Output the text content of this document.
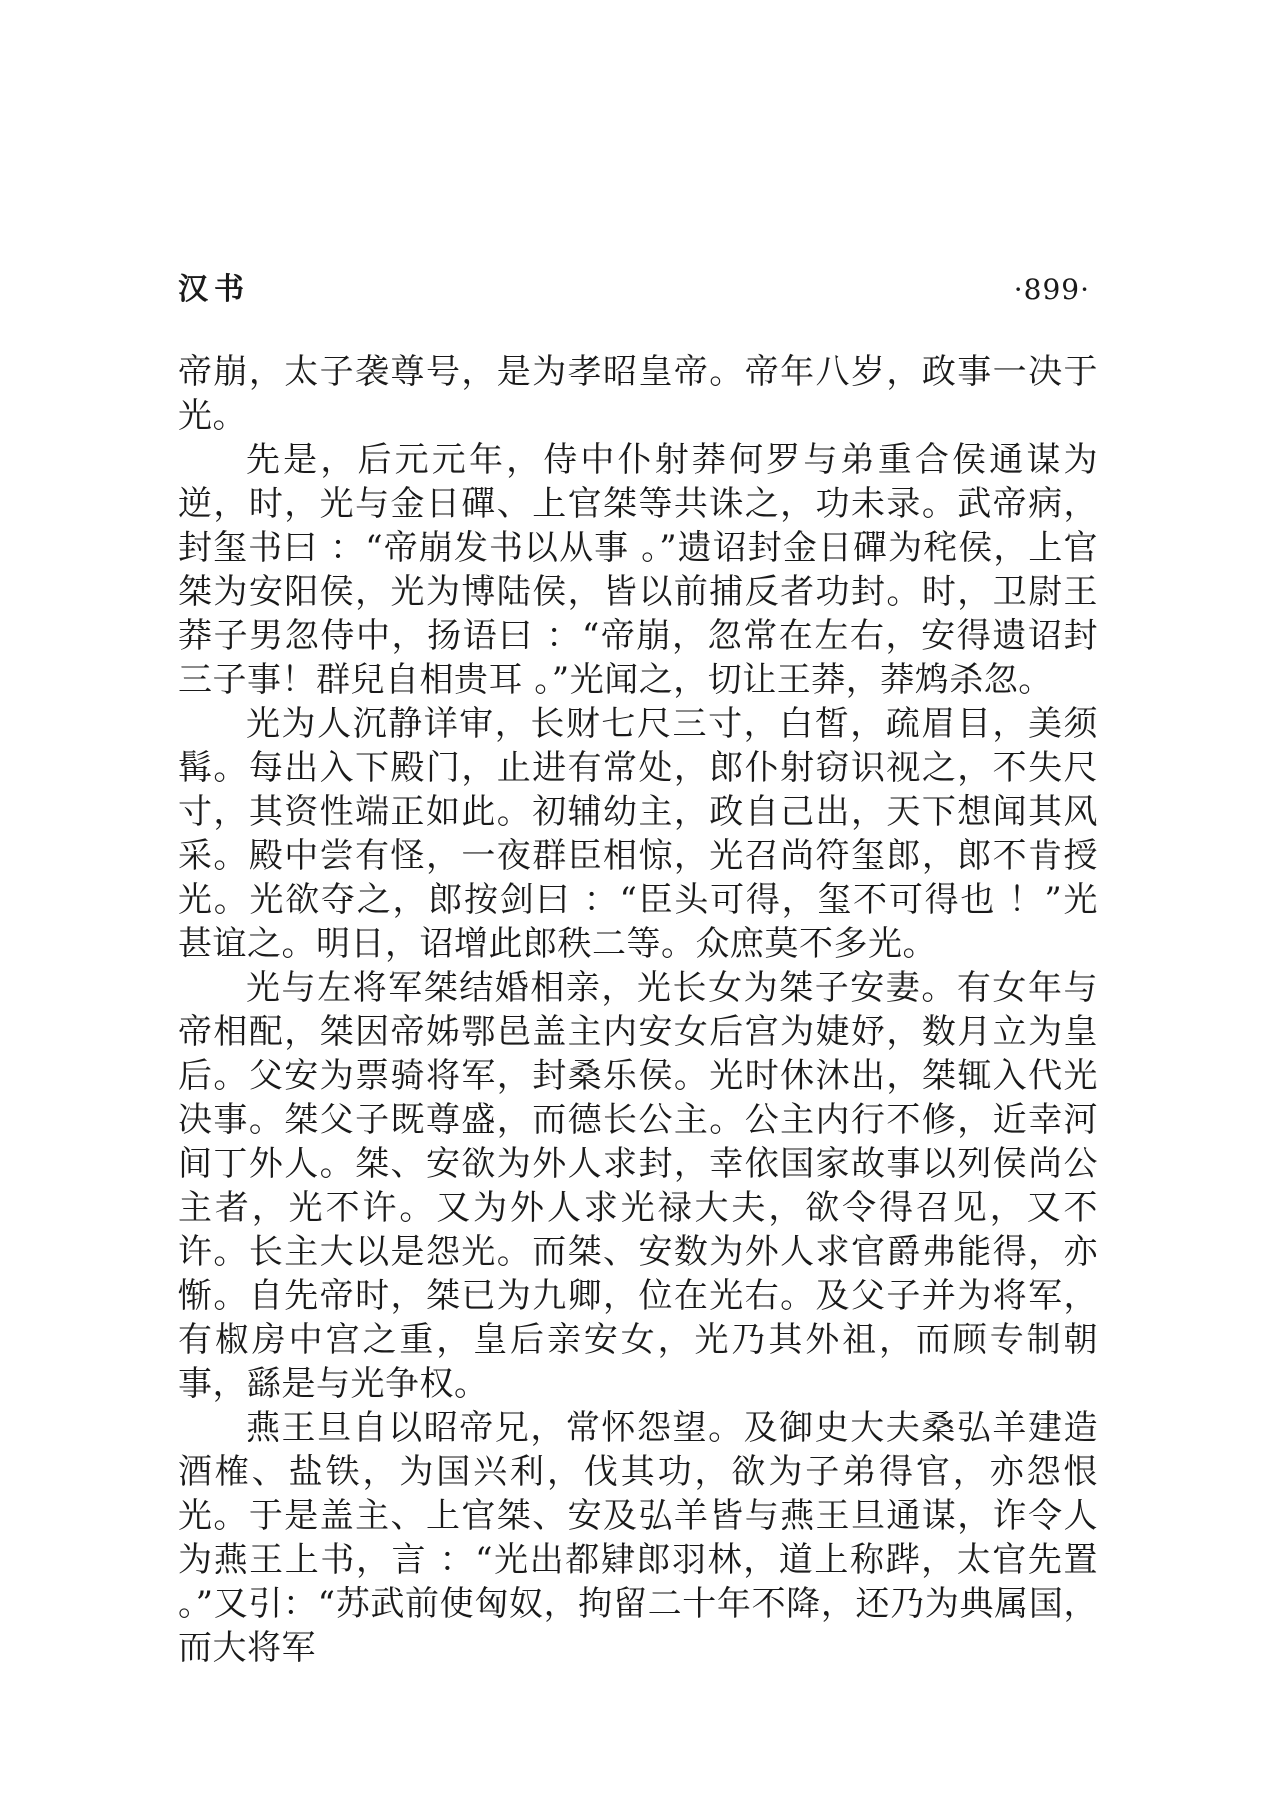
汉书	·899·

帝崩，太子袭尊号，是为孝昭皇帝。帝年八岁，政事一决于光。

先是，后元元年，侍中仆射莽何罗与弟重合侯通谋为逆，时，光与金日磾、上官桀等共诛之，功未录。武帝病，封玺书曰 ：“帝崩发书以从事 。”遗诏封金日磾为秺侯，上官桀为安阳侯，光为博陆侯，皆以前捕反者功封。时，卫尉王莽子男忽侍中，扬语曰 ：“帝崩，忽常在左右，安得遗诏封三子事！群兒自相贵耳 。”光闻之，切让王莽，莽鸩杀忽。

光为人沉静详审，长财七尺三寸，白皙，疏眉目，美须髯。每出入下殿门，止进有常处，郎仆射窃识视之，不失尺寸，其资性端正如此。初辅幼主，政自己出，天下想闻其风采。殿中尝有怪，一夜群臣相惊，光召尚符玺郎，郎不肯授光。光欲夺之，郎按剑曰 ：“臣头可得，玺不可得也 ！”光甚谊之。明日，诏增此郎秩二等。众庶莫不多光。

光与左将军桀结婚相亲，光长女为桀子安妻。有女年与帝相配，桀因帝姊鄂邑盖主内安女后宫为婕妤，数月立为皇后。父安为票骑将军，封桑乐侯。光时休沐出，桀辄入代光决事。桀父子既尊盛，而德长公主。公主内行不修，近幸河间丁外人。桀、安欲为外人求封，幸依国家故事以列侯尚公主者，光不许。又为外人求光禄大夫，欲令得召见，又不许。长主大以是怨光。而桀、安数为外人求官爵弗能得，亦惭。自先帝时，桀已为九卿，位在光右。及父子并为将军，有椒房中宫之重，皇后亲安女，光乃其外祖，而顾专制朝事，繇是与光争权。

燕王旦自以昭帝兄，常怀怨望。及御史大夫桑弘羊建造酒榷、盐铁，为国兴利，伐其功，欲为子弟得官，亦怨恨光。于是盖主、上官桀、安及弘羊皆与燕王旦通谋，诈令人为燕王上书，言 ：“光出都肄郎羽林，道上称跸，太官先置 。”又引：“苏武前使匈奴，拘留二十年不降，还乃为典属国，而大将军
